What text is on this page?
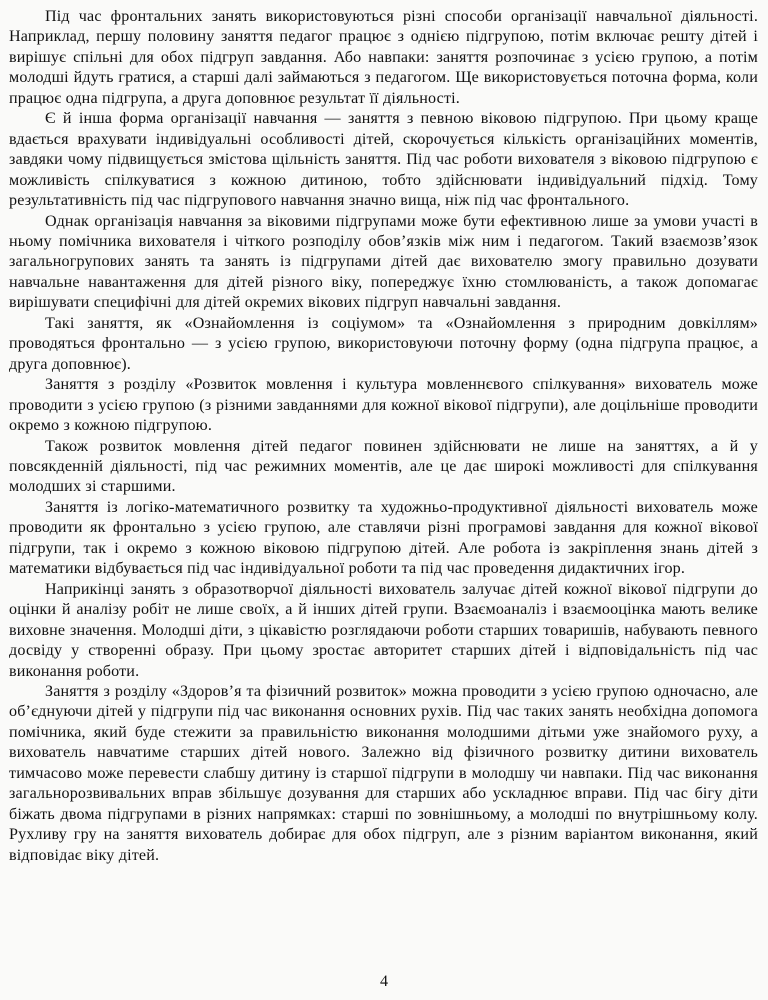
Під час фронтальних занять використовуються різні способи організації навчальної діяльності. Наприклад, першу половину заняття педагог працює з однією підгрупою, потім включає решту дітей і вирішує спільні для обох підгруп завдання. Або навпаки: заняття розпочинає з усією групою, а потім молодші йдуть гратися, а старші далі займаються з педагогом. Ще використовується поточна форма, коли працює одна підгрупа, а друга доповнює результат її діяльності.

Є й інша форма організації навчання — заняття з певною віковою підгрупою. При цьому краще вдається врахувати індивідуальні особливості дітей, скорочується кількість організаційних моментів, завдяки чому підвищується змістова щільність заняття. Під час роботи вихователя з віковою підгрупою є можливість спілкуватися з кожною дитиною, тобто здійснювати індивідуальний підхід. Тому результативність під час підгрупового навчання значно вища, ніж під час фронтального.

Однак організація навчання за віковими підгрупами може бути ефективною лише за умови участі в ньому помічника вихователя і чіткого розподілу обов’язків між ним і педагогом. Такий взаємозв’язок загальногрупових занять та занять із підгрупами дітей дає вихователю змогу правильно дозувати навчальне навантаження для дітей різного віку, попереджує їхню стомлюваність, а також допомагає вирішувати специфічні для дітей окремих вікових підгруп навчальні завдання.

Такі заняття, як «Ознайомлення із соціумом» та «Ознайомлення з природним довкіллям» проводяться фронтально — з усією групою, використовуючи поточну форму (одна підгрупа працює, а друга доповнює).

Заняття з розділу «Розвиток мовлення і культура мовленнєвого спілкування» вихователь може проводити з усією групою (з різними завданнями для кожної вікової підгрупи), але доцільніше проводити окремо з кожною підгрупою.

Також розвиток мовлення дітей педагог повинен здійснювати не лише на заняттях, а й у повсякденній діяльності, під час режимних моментів, але це дає широкі можливості для спілкування молодших зі старшими.

Заняття із логіко-математичного розвитку та художньо-продуктивної діяльності вихователь може проводити як фронтально з усією групою, але ставлячи різні програмові завдання для кожної вікової підгрупи, так і окремо з кожною віковою підгрупою дітей. Але робота із закріплення знань дітей з математики відбувається під час індивідуальної роботи та під час проведення дидактичних ігор.

Наприкінці занять з образотворчої діяльності вихователь залучає дітей кожної вікової підгрупи до оцінки й аналізу робіт не лише своїх, а й інших дітей групи. Взаємоаналіз і взаємооцінка мають велике виховне значення. Молодші діти, з цікавістю розглядаючи роботи старших товаришів, набувають певного досвіду у створенні образу. При цьому зростає авторитет старших дітей і відповідальність під час виконання роботи.

Заняття з розділу «Здоров’я та фізичний розвиток» можна проводити з усією групою одночасно, але об’єднуючи дітей у підгрупи під час виконання основних рухів. Під час таких занять необхідна допомога помічника, який буде стежити за правильністю виконання молодшими дітьми уже знайомого руху, а вихователь навчатиме старших дітей нового. Залежно від фізичного розвитку дитини вихователь тимчасово може перевести слабшу дитину із старшої підгрупи в молодшу чи навпаки. Під час виконання загальнорозвивальних вправ збільшує дозування для старших або ускладнює вправи. Під час бігу діти біжать двома підгрупами в різних напрямках: старші по зовнішньому, а молодші по внутрішньому колу. Рухливу гру на заняття вихователь добирає для обох підгруп, але з різним варіантом виконання, який відповідає віку дітей.

4
